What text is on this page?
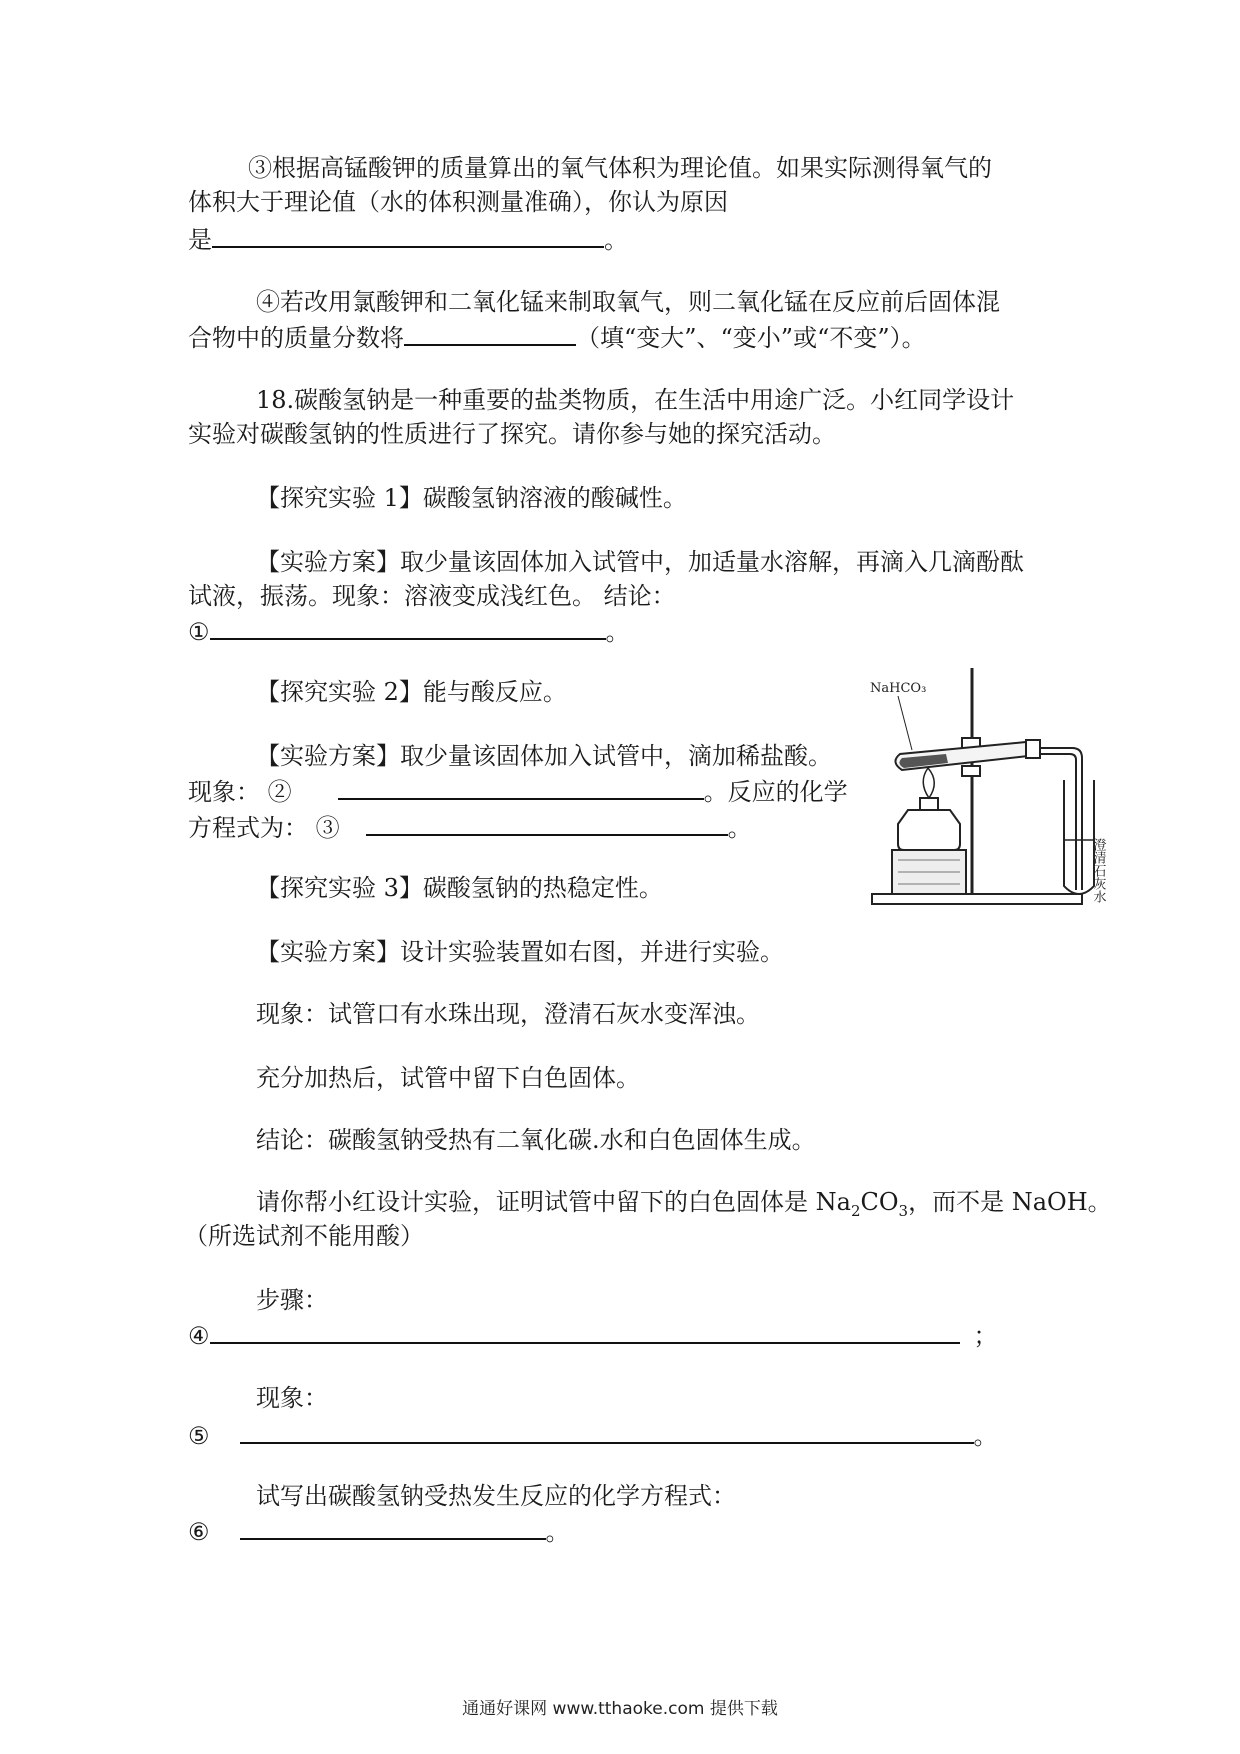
③根据高锰酸钾的质量算出的氧气体积为理论值。如果实际测得氧气的
体积大于理论值（水的体积测量准确），你认为原因
是	。
④若改用氯酸钾和二氧化锰来制取氧气，则二氧化锰在反应前后固体混
合物中的质量分数将	（填“变大”、“变小”或“不变”）。
18.碳酸氢钠是一种重要的盐类物质，在生活中用途广泛。小红同学设计
实验对碳酸氢钠的性质进行了探究。请你参与她的探究活动。
【探究实验 1】碳酸氢钠溶液的酸碱性。
【实验方案】取少量该固体加入试管中，加适量水溶解，再滴入几滴酚酞
试液，振荡。现象：溶液变成浅红色。 结论：
①	。
【探究实验 2】能与酸反应。
【实验方案】取少量该固体加入试管中，滴加稀盐酸。
现象： ②	。反应的化学
方程式为： ③	。
【探究实验 3】碳酸氢钠的热稳定性。
【实验方案】设计实验装置如右图，并进行实验。
现象：试管口有水珠出现，澄清石灰水变浑浊。
充分加热后，试管中留下白色固体。
结论：碳酸氢钠受热有二氧化碳.水和白色固体生成。
请你帮小红设计实验，证明试管中留下的白色固体是 $Na_2CO_3$，而不是 NaOH。
（所选试剂不能用酸）
步骤：
④	；
现象：
⑤	。
试写出碳酸氢钠受热发生反应的化学方程式：
⑥	。
NaHCO₃
澄清石灰水
通通好课网 www.tthaoke.com 提供下载
